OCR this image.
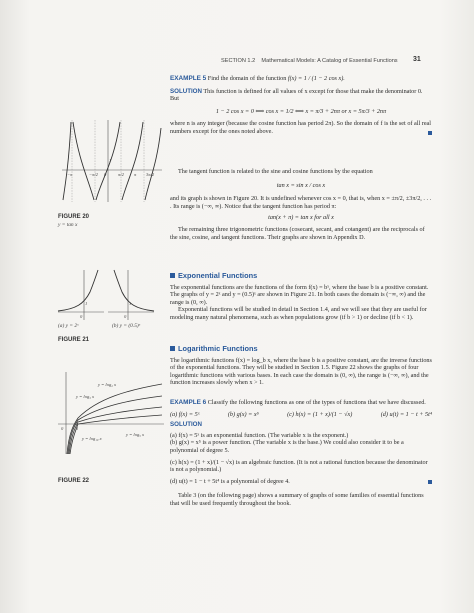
SECTION 1.2 Mathematical Models: A Catalog of Essential Functions 31

EXAMPLE 5 Find the domain of the function f(x) = 1 / (1 − 2 cos x).

SOLUTION This function is defined for all values of x except for those that make the denominator 0. But

1 − 2 cos x = 0 ⟺ cos x = 1/2 ⟺ x = π/3 + 2nπ or x = 5π/3 + 2nπ

where n is any integer (because the cosine function has period 2π). So the domain of f is the set of all real numbers except for the ones noted above.

The tangent function is related to the sine and cosine functions by the equation

tan x = sin x / cos x

and its graph is shown in Figure 20. It is undefined whenever cos x = 0, that is, when x = ±π/2, ±3π/2, . . . . Its range is (−∞, ∞). Notice that the tangent function has period π:

tan(x + π) = tan x for all x

The remaining three trigonometric functions (cosecant, secant, and cotangent) are the reciprocals of the sine, cosine, and tangent functions. Their graphs are shown in Appendix D.

Exponential Functions

The exponential functions are the functions of the form f(x) = bˣ, where the base b is a positive constant. The graphs of y = 2ˣ and y = (0.5)ˣ are shown in Figure 21. In both cases the domain is (−∞, ∞) and the range is (0, ∞).

Exponential functions will be studied in detail in Section 1.4, and we will see that they are useful for modeling many natural phenomena, such as when populations grow (if b > 1) or decline (if b < 1).

Logarithmic Functions

The logarithmic functions f(x) = log_b x, where the base b is a positive constant, are the inverse functions of the exponential functions. They will be studied in Section 1.5. Figure 22 shows the graphs of four logarithmic functions with various bases. In each case the domain is (0, ∞), the range is (−∞, ∞), and the function increases slowly when x > 1.

EXAMPLE 6 Classify the following functions as one of the types of functions that we have discussed.

(a) f(x) = 5ˣ	(b) g(x) = x⁵	(c) h(x) = (1 + x)/(1 − √x)	(d) u(t) = 1 − t + 5t⁴

SOLUTION

(a) f(x) = 5ˣ is an exponential function. (The variable x is the exponent.)

(b) g(x) = x⁵ is a power function. (The variable x is the base.) We could also consider it to be a polynomial of degree 5.

(c) h(x) = (1 + x)/(1 − √x) is an algebraic function. (It is not a rational function because the denominator is not a polynomial.)

(d) u(t) = 1 − t + 5t⁴ is a polynomial of degree 4.

Table 3 (on the following page) shows a summary of graphs of some families of essential functions that will be used frequently throughout the book.

1
−π	−π/2 0	π/2 π 3π/2
FIGURE 20
y = tan x
1
0
1
0
(a) y = 2ˣ	(b) y = (0.5)ˣ
FIGURE 21
y = log₂ x
y = log₃ x
y = log₅ x
y = log₁₀ x
0	1
FIGURE 22
